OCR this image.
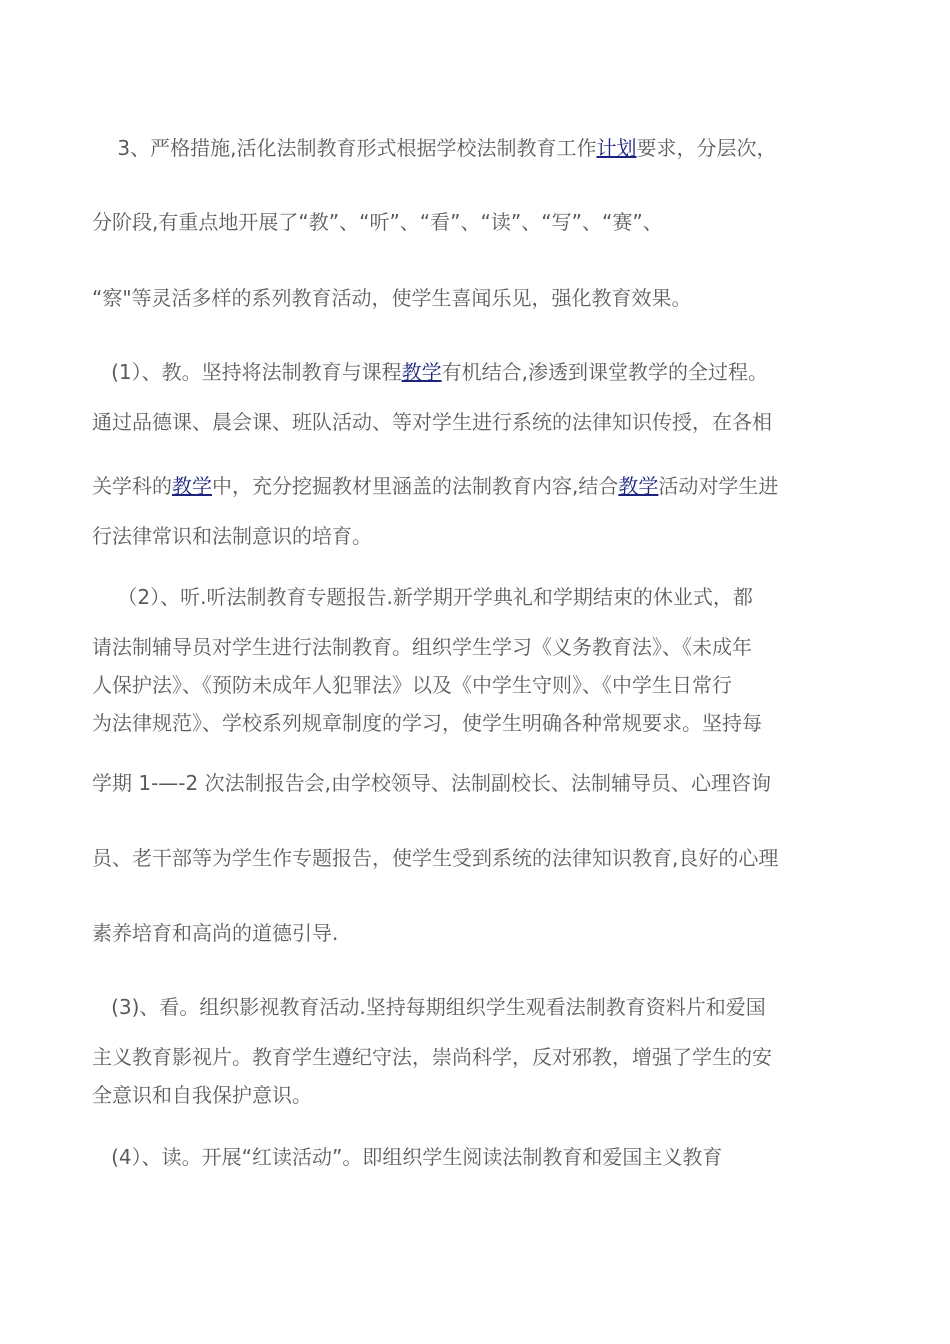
3、严格措施,活化法制教育形式根据学校法制教育工作计划要求，分层次，
分阶段,有重点地开展了“教”、“听”、“看”、“读”、“写”、“赛”、
“察"等灵活多样的系列教育活动，使学生喜闻乐见，强化教育效果。
(1）、教。坚持将法制教育与课程教学有机结合,渗透到课堂教学的全过程。
通过品德课、晨会课、班队活动、等对学生进行系统的法律知识传授，在各相
关学科的教学中，充分挖掘教材里涵盖的法制教育内容,结合教学活动对学生进
行法律常识和法制意识的培育。
（2）、听.听法制教育专题报告.新学期开学典礼和学期结束的休业式，都
请法制辅导员对学生进行法制教育。组织学生学习《义务教育法》、《未成年
人保护法》、《预防未成年人犯罪法》以及《中学生守则》、《中学生日常行
为法律规范》、学校系列规章制度的学习，使学生明确各种常规要求。坚持每
学期 1-—-2 次法制报告会,由学校领导、法制副校长、法制辅导员、心理咨询
员、老干部等为学生作专题报告，使学生受到系统的法律知识教育,良好的心理
素养培育和高尚的道德引导.
(3)、看。组织影视教育活动.坚持每期组织学生观看法制教育资料片和爱国
主义教育影视片。教育学生遵纪守法，崇尚科学，反对邪教，增强了学生的安
全意识和自我保护意识。
(4）、读。开展“红读活动”。即组织学生阅读法制教育和爱国主义教育
